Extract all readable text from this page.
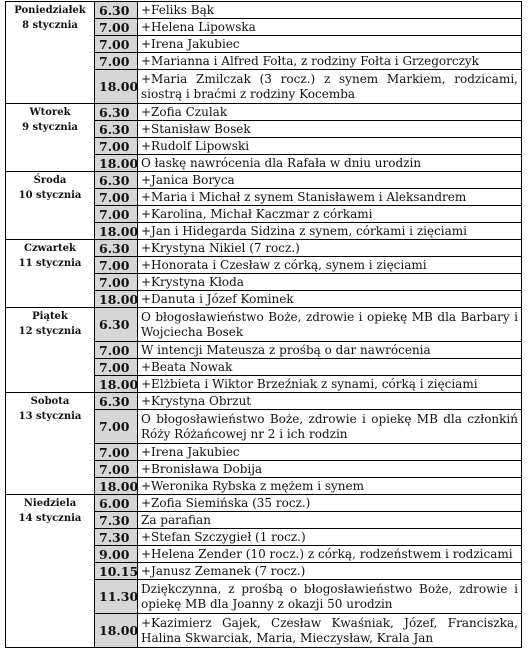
Poniedziałek
8 stycznia	6.30	+Feliks Bąk
	7.00	+Helena Lipowska
	7.00	+Irena Jakubiec
	7.00	+Marianna i Alfred Fołta, z rodziny Fołta i Grzegorczyk
	18.00	+Maria Zmilczak (3 rocz.) z synem Markiem, rodzicami, siostrą i braćmi z rodziny Kocemba

Wtorek
9 stycznia	6.30	+Zofia Czulak
	6.30	+Stanisław Bosek
	7.00	+Rudolf Lipowski
	18.00	O łaskę nawrócenia dla Rafała w dniu urodzin

Środa
10 stycznia	6.30	+Janica Boryca
	7.00	+Maria i Michał z synem Stanisławem i Aleksandrem
	7.00	+Karolina, Michał Kaczmar z córkami
	18.00	+Jan i Hidegarda Sidzina z synem, córkami i zięciami

Czwartek
11 stycznia	6.30	+Krystyna Nikiel (7 rocz.)
	7.00	+Honorata i Czesław z córką, synem i zięciami
	7.00	+Krystyna Kłoda
	18.00	+Danuta i Józef Kominek

Piątek
12 stycznia	6.30	O błogosławieństwo Boże, zdrowie i opiekę MB dla Barbary i Wojciecha Bosek
	7.00	W intencji Mateusza z prośbą o dar nawrócenia
	7.00	+Beata Nowak
	18.00	+Elżbieta i Wiktor Brzeźniak z synami, córką i zięciami

Sobota
13 stycznia	6.30	+Krystyna Obrzut
	7.00	O błogosławieństwo Boże, zdrowie i opiekę MB dla członkiń Róży Różańcowej nr 2 i ich rodzin
	7.00	+Irena Jakubiec
	7.00	+Bronisława Dobija
	18.00	+Weronika Rybska z mężem i synem

Niedziela
14 stycznia	6.00	+Zofia Siemińska (35 rocz.)
	7.30	Za parafian
	7.30	+Stefan Szczygieł (1 rocz.)
	9.00	+Helena Zender (10 rocz.) z córką, rodzeństwem i rodzicami
	10.15	+Janusz Zemanek (7 rocz.)
	11.30	Dziękczynna, z prośbą o błogosławieństwo Boże, zdrowie i opiekę MB dla Joanny z okazji 50 urodzin
	18.00	+Kazimierz Gajek, Czesław Kwaśniak, Józef, Franciszka, Halina Skwarciak, Maria, Mieczysław, Krala Jan
